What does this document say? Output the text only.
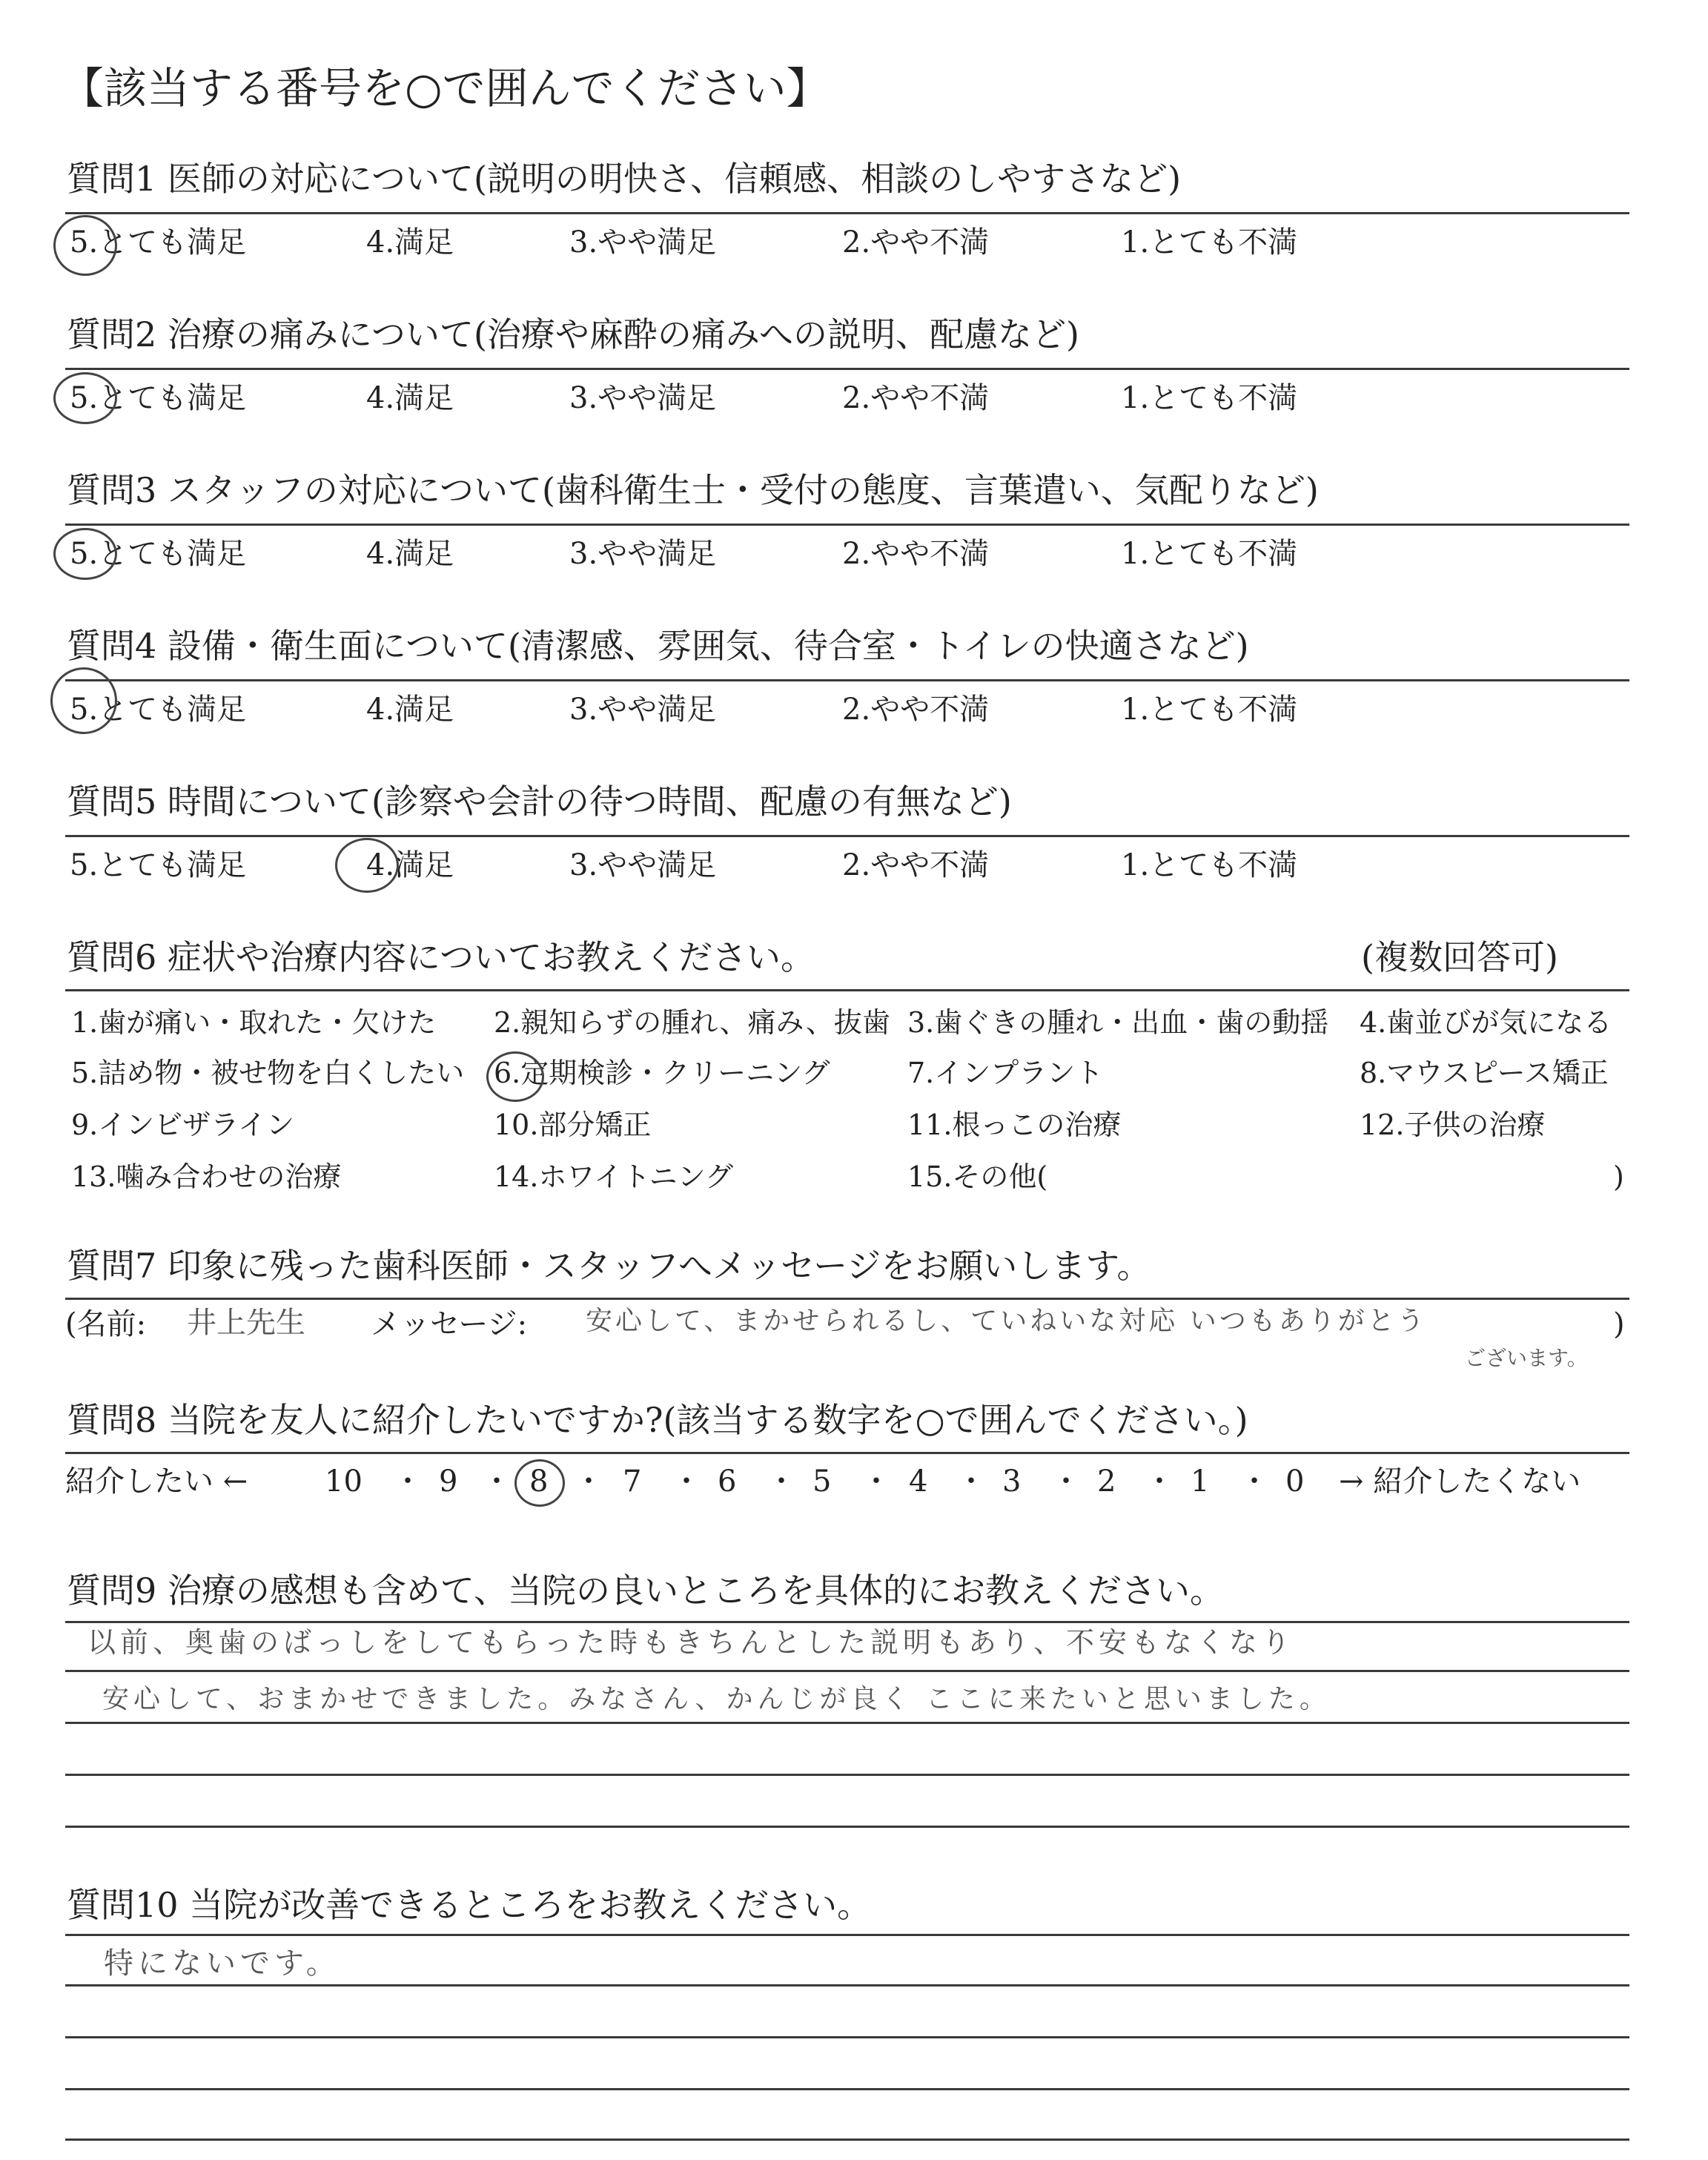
【該当する番号を○で囲んでください】
質問1 医師の対応について(説明の明快さ、信頼感、相談のしやすさなど)
5.とても満足	4.満足	3.やや満足	2.やや不満	1.とても不満
質問2 治療の痛みについて(治療や麻酔の痛みへの説明、配慮など)
5.とても満足	4.満足	3.やや満足	2.やや不満	1.とても不満
質問3 スタッフの対応について(歯科衛生士・受付の態度、言葉遣い、気配りなど)
5.とても満足	4.満足	3.やや満足	2.やや不満	1.とても不満
質問4 設備・衛生面について(清潔感、雰囲気、待合室・トイレの快適さなど)
5.とても満足	4.満足	3.やや満足	2.やや不満	1.とても不満
質問5 時間について(診察や会計の待つ時間、配慮の有無など)
5.とても満足	4.満足	3.やや満足	2.やや不満	1.とても不満
質問6 症状や治療内容についてお教えください。	(複数回答可)
1.歯が痛い・取れた・欠けた 2.親知らずの腫れ、痛み、抜歯 3.歯ぐきの腫れ・出血・歯の動揺 4.歯並びが気になる
5.詰め物・被せ物を白くしたい 6.定期検診・クリーニング	7.インプラント	8.マウスピース矯正
9.インビザライン	10.部分矯正	11.根っこの治療	12.子供の治療
13.噛み合わせの治療	14.ホワイトニング	15.その他(	)
質問7 印象に残った歯科医師・スタッフへメッセージをお願いします。
(名前: 井上先生 メッセージ: 安心して、まかせられるし、ていねいな対応 いつもありがとう
ございます。
)
質問8 当院を友人に紹介したいですか?(該当する数字を○で囲んでください。)
紹介したい ←	10 ・ 9 ・ 8 ・ 7 ・ 6 ・ 5 ・ 4 ・ 3 ・ 2 ・ 1 ・ 0 → 紹介したくない
質問9 治療の感想も含めて、当院の良いところを具体的にお教えください。
以前、奥歯のばっしをしてもらった時もきちんとした説明もあり、不安もなくなり
安心して、おまかせできました。みなさん、かんじが良く ここに来たいと思いました。
質問10 当院が改善できるところをお教えください。
特にないです。
